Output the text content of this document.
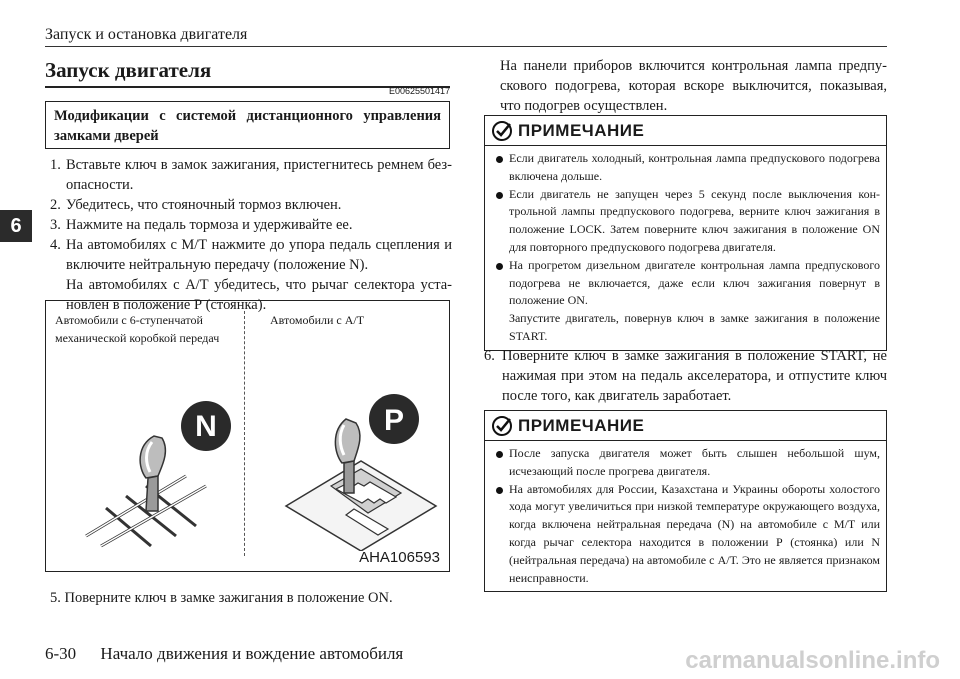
Запуск и остановка двигателя
6
Запуск двигателя
E00625501417
Модификации с системой дистанционного управления замками дверей
1. Вставьте ключ в замок зажигания, пристегнитесь ремнем безопасности.
2. Убедитесь, что стояночный тормоз включен.
3. Нажмите на педаль тормоза и удерживайте ее.
4. На автомобилях с М/Т нажмите до упора педаль сцепления и включите нейтральную передачу (положение N).
На автомобилях с А/Т убедитесь, что рычаг селектора установлен в положение Р (стоянка).
Автомобили с 6-ступенчатой механической коробкой передач
Автомобили с А/Т
N	P
AHA106593
5. Поверните ключ в замке зажигания в положение ON.
На панели приборов включится контрольная лампа предпускового подогрева, которая вскоре выключится, показывая, что подогрев осуществлен.
ПРИМЕЧАНИЕ
Если двигатель холодный, контрольная лампа предпускового подогрева включена дольше.
Если двигатель не запущен через 5 секунд после выключения контрольной лампы предпускового подогрева, верните ключ зажигания в положение LOCK. Затем поверните ключ зажигания в положение ON для повторного предпускового подогрева двигателя.
На прогретом дизельном двигателе контрольная лампа предпускового подогрева не включается, даже если ключ зажигания повернут в положение ON.
Запустите двигатель, повернув ключ в замке зажигания в положение START.
6. Поверните ключ в замке зажигания в положение START, не нажимая при этом на педаль акселератора, и отпустите ключ после того, как двигатель заработает.
ПРИМЕЧАНИЕ
После запуска двигателя может быть слышен небольшой шум, исчезающий после прогрева двигателя.
На автомобилях для России, Казахстана и Украины обороты холостого хода могут увеличиться при низкой температуре окружающего воздуха, когда включена нейтральная передача (N) на автомобиле с М/Т или когда рычаг селектора находится в положении Р (стоянка) или N (нейтральная передача) на автомобиле с А/Т. Это не является признаком неисправности.
6-30 Начало движения и вождение автомобиля	carmanualsonline.info
